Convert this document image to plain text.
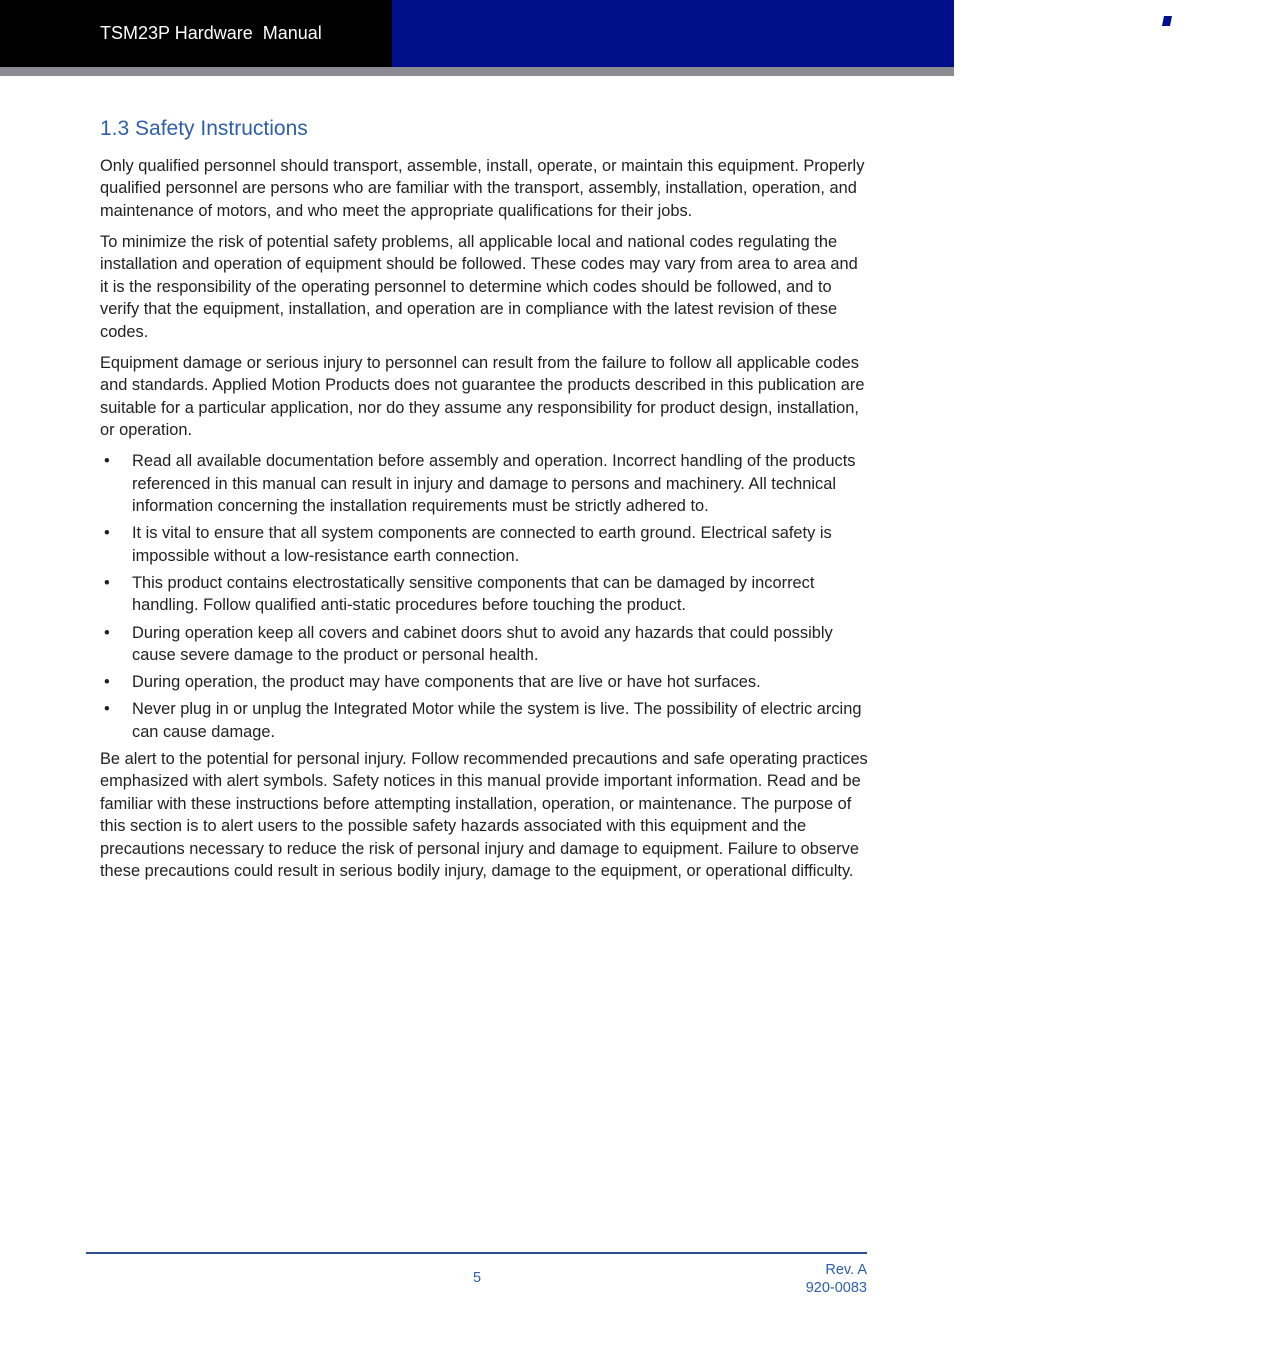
TSM23P Hardware  Manual
Applied
Motion
Products
1.3 Safety Instructions

Only qualified personnel should transport, assemble, install, operate, or maintain this equipment. Properly qualified personnel are persons who are familiar with the transport, assembly, installation, operation, and maintenance of motors, and who meet the appropriate qualifications for their jobs.

To minimize the risk of potential safety problems, all applicable local and national codes regulating the installation and operation of equipment should be followed. These codes may vary from area to area and it is the responsibility of the operating personnel to determine which codes should be followed, and to verify that the equipment, installation, and operation are in compliance with the latest revision of these codes.

Equipment damage or serious injury to personnel can result from the failure to follow all applicable codes and standards. Applied Motion Products does not guarantee the products described in this publication are suitable for a particular application, nor do they assume any responsibility for product design, installation, or operation.

• Read all available documentation before assembly and operation. Incorrect handling of the products referenced in this manual can result in injury and damage to persons and machinery. All technical information concerning the installation requirements must be strictly adhered to.
• It is vital to ensure that all system components are connected to earth ground. Electrical safety is impossible without a low-resistance earth connection.
• This product contains electrostatically sensitive components that can be damaged by incorrect handling. Follow qualified anti-static procedures before touching the product.
• During operation keep all covers and cabinet doors shut to avoid any hazards that could possibly cause severe damage to the product or personal health.
• During operation, the product may have components that are live or have hot surfaces.
• Never plug in or unplug the Integrated Motor while the system is live. The possibility of electric arcing can cause damage.

Be alert to the potential for personal injury. Follow recommended precautions and safe operating practices emphasized with alert symbols. Safety notices in this manual provide important information. Read and be familiar with these instructions before attempting installation, operation, or maintenance. The purpose of this section is to alert users to the possible safety hazards associated with this equipment and the precautions necessary to reduce the risk of personal injury and damage to equipment. Failure to observe these precautions could result in serious bodily injury, damage to the equipment, or operational difficulty.

5	Rev. A
920-0083
